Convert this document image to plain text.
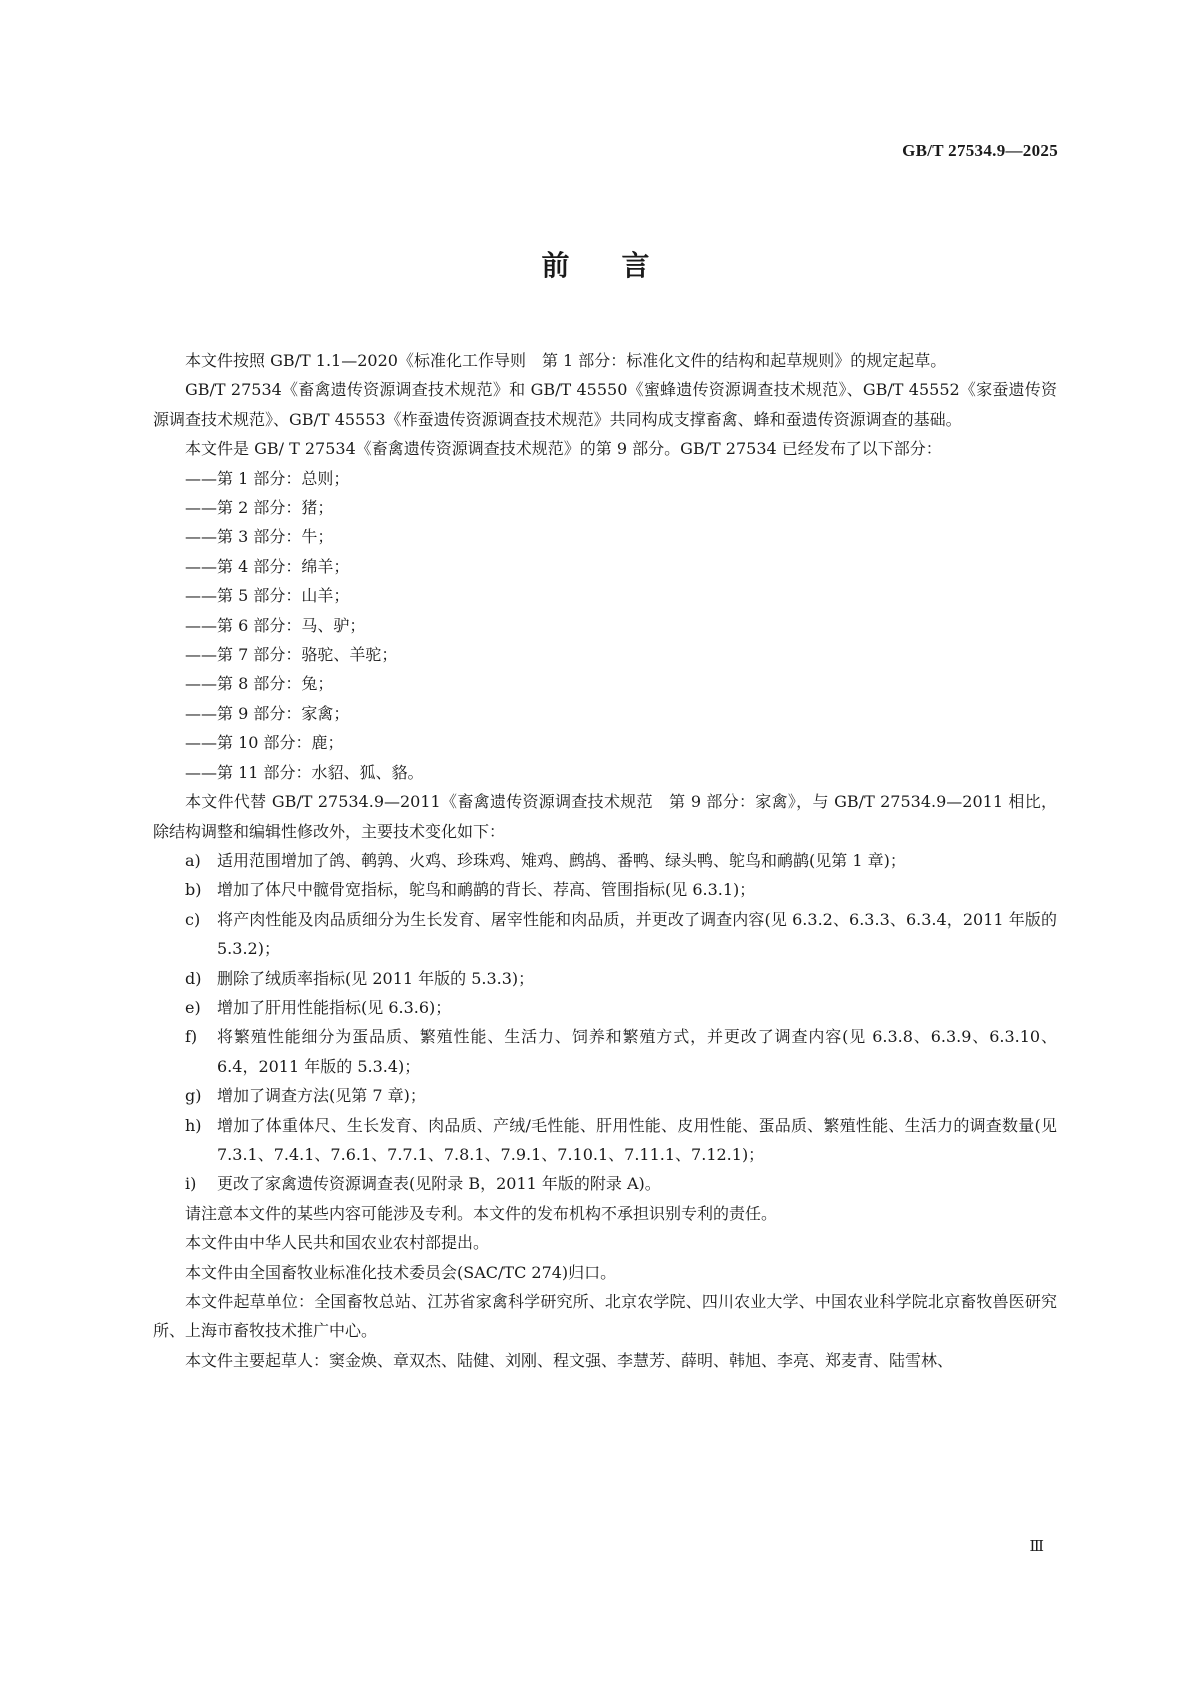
GB/T 27534.9—2025
前言

本文件按照 GB/T 1.1—2020《标准化工作导则　第 1 部分：标准化文件的结构和起草规则》的规定起草。

GB/T 27534《畜禽遗传资源调查技术规范》和 GB/T 45550《蜜蜂遗传资源调查技术规范》、GB/T 45552《家蚕遗传资源调查技术规范》、GB/T 45553《柞蚕遗传资源调查技术规范》共同构成支撑畜禽、蜂和蚕遗传资源调查的基础。

本文件是 GB/ T 27534《畜禽遗传资源调查技术规范》的第 9 部分。GB/T 27534 已经发布了以下部分：

——第 1 部分：总则；

——第 2 部分：猪；

——第 3 部分：牛；

——第 4 部分：绵羊；

——第 5 部分：山羊；

——第 6 部分：马、驴；

——第 7 部分：骆驼、羊驼；

——第 8 部分：兔；

——第 9 部分：家禽；

——第 10 部分：鹿；

——第 11 部分：水貂、狐、貉。

本文件代替 GB/T 27534.9—2011《畜禽遗传资源调查技术规范　第 9 部分：家禽》，与 GB/T 27534.9—2011 相比，除结构调整和编辑性修改外，主要技术变化如下：

a)	适用范围增加了鸽、鹌鹑、火鸡、珍珠鸡、雉鸡、鹧鸪、番鸭、绿头鸭、鸵鸟和鸸鹋(见第 1 章)；
b) 增加了体尺中髋骨宽指标，鸵鸟和鸸鹋的背长、荐高、管围指标(见 6.3.1)；
c)	将产肉性能及肉品质细分为生长发育、屠宰性能和肉品质，并更改了调查内容(见 6.3.2、6.3.3、6.3.4，2011 年版的 5.3.2)；
d) 删除了绒质率指标(见 2011 年版的 5.3.3)；
e)	增加了肝用性能指标(见 6.3.6)；
f)	将繁殖性能细分为蛋品质、繁殖性能、生活力、饲养和繁殖方式，并更改了调查内容(见 6.3.8、6.3.9、6.3.10、6.4，2011 年版的 5.3.4)；
g) 增加了调查方法(见第 7 章)；
h) 增加了体重体尺、生长发育、肉品质、产绒/毛性能、肝用性能、皮用性能、蛋品质、繁殖性能、生活力的调查数量(见 7.3.1、7.4.1、7.6.1、7.7.1、7.8.1、7.9.1、7.10.1、7.11.1、7.12.1)；
i)	更改了家禽遗传资源调查表(见附录 B，2011 年版的附录 A)。

请注意本文件的某些内容可能涉及专利。本文件的发布机构不承担识别专利的责任。

本文件由中华人民共和国农业农村部提出。

本文件由全国畜牧业标准化技术委员会(SAC/TC 274)归口。

本文件起草单位：全国畜牧总站、江苏省家禽科学研究所、北京农学院、四川农业大学、中国农业科学院北京畜牧兽医研究所、上海市畜牧技术推广中心。

本文件主要起草人：窦金焕、章双杰、陆健、刘刚、程文强、李慧芳、薛明、韩旭、李亮、郑麦青、陆雪林、

Ⅲ
